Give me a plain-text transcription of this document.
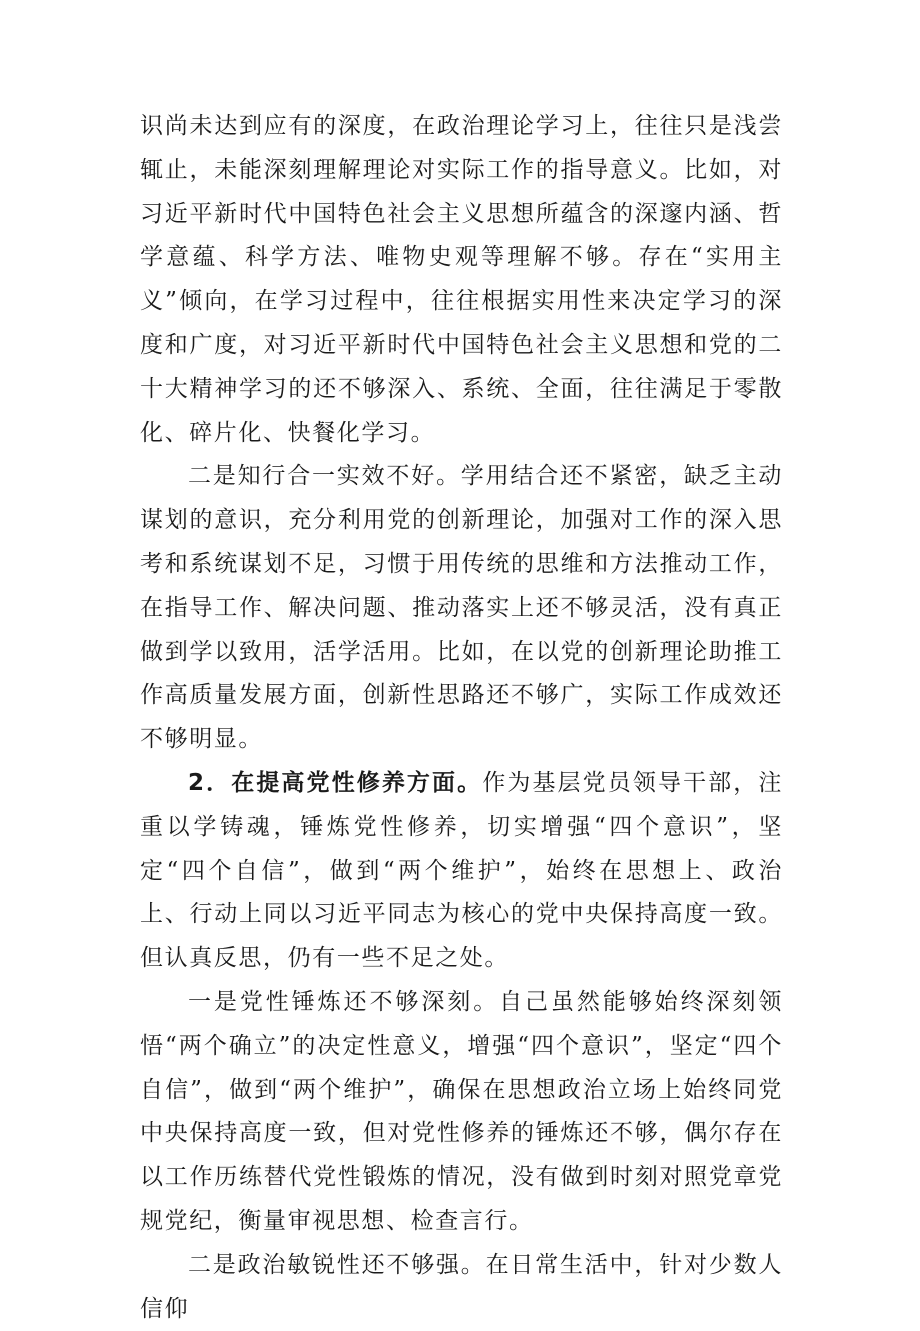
识尚未达到应有的深度，在政治理论学习上，往往只是浅尝辄止，未能深刻理解理论对实际工作的指导意义。比如，对习近平新时代中国特色社会主义思想所蕴含的深邃内涵、哲学意蕴、科学方法、唯物史观等理解不够。存在“实用主义”倾向，在学习过程中，往往根据实用性来决定学习的深度和广度，对习近平新时代中国特色社会主义思想和党的二十大精神学习的还不够深入、系统、全面，往往满足于零散化、碎片化、快餐化学习。

二是知行合一实效不好。学用结合还不紧密，缺乏主动谋划的意识，充分利用党的创新理论，加强对工作的深入思考和系统谋划不足，习惯于用传统的思维和方法推动工作，在指导工作、解决问题、推动落实上还不够灵活，没有真正做到学以致用，活学活用。比如，在以党的创新理论助推工作高质量发展方面，创新性思路还不够广，实际工作成效还不够明显。

2．在提高党性修养方面。作为基层党员领导干部，注重以学铸魂，锤炼党性修养，切实增强“四个意识”，坚定“四个自信”，做到“两个维护”，始终在思想上、政治上、行动上同以习近平同志为核心的党中央保持高度一致。但认真反思，仍有一些不足之处。

一是党性锤炼还不够深刻。自己虽然能够始终深刻领悟“两个确立”的决定性意义，增强“四个意识”，坚定“四个自信”，做到“两个维护”，确保在思想政治立场上始终同党中央保持高度一致，但对党性修养的锤炼还不够，偶尔存在以工作历练替代党性锻炼的情况，没有做到时刻对照党章党规党纪，衡量审视思想、检查言行。

二是政治敏锐性还不够强。在日常生活中，针对少数人信仰
